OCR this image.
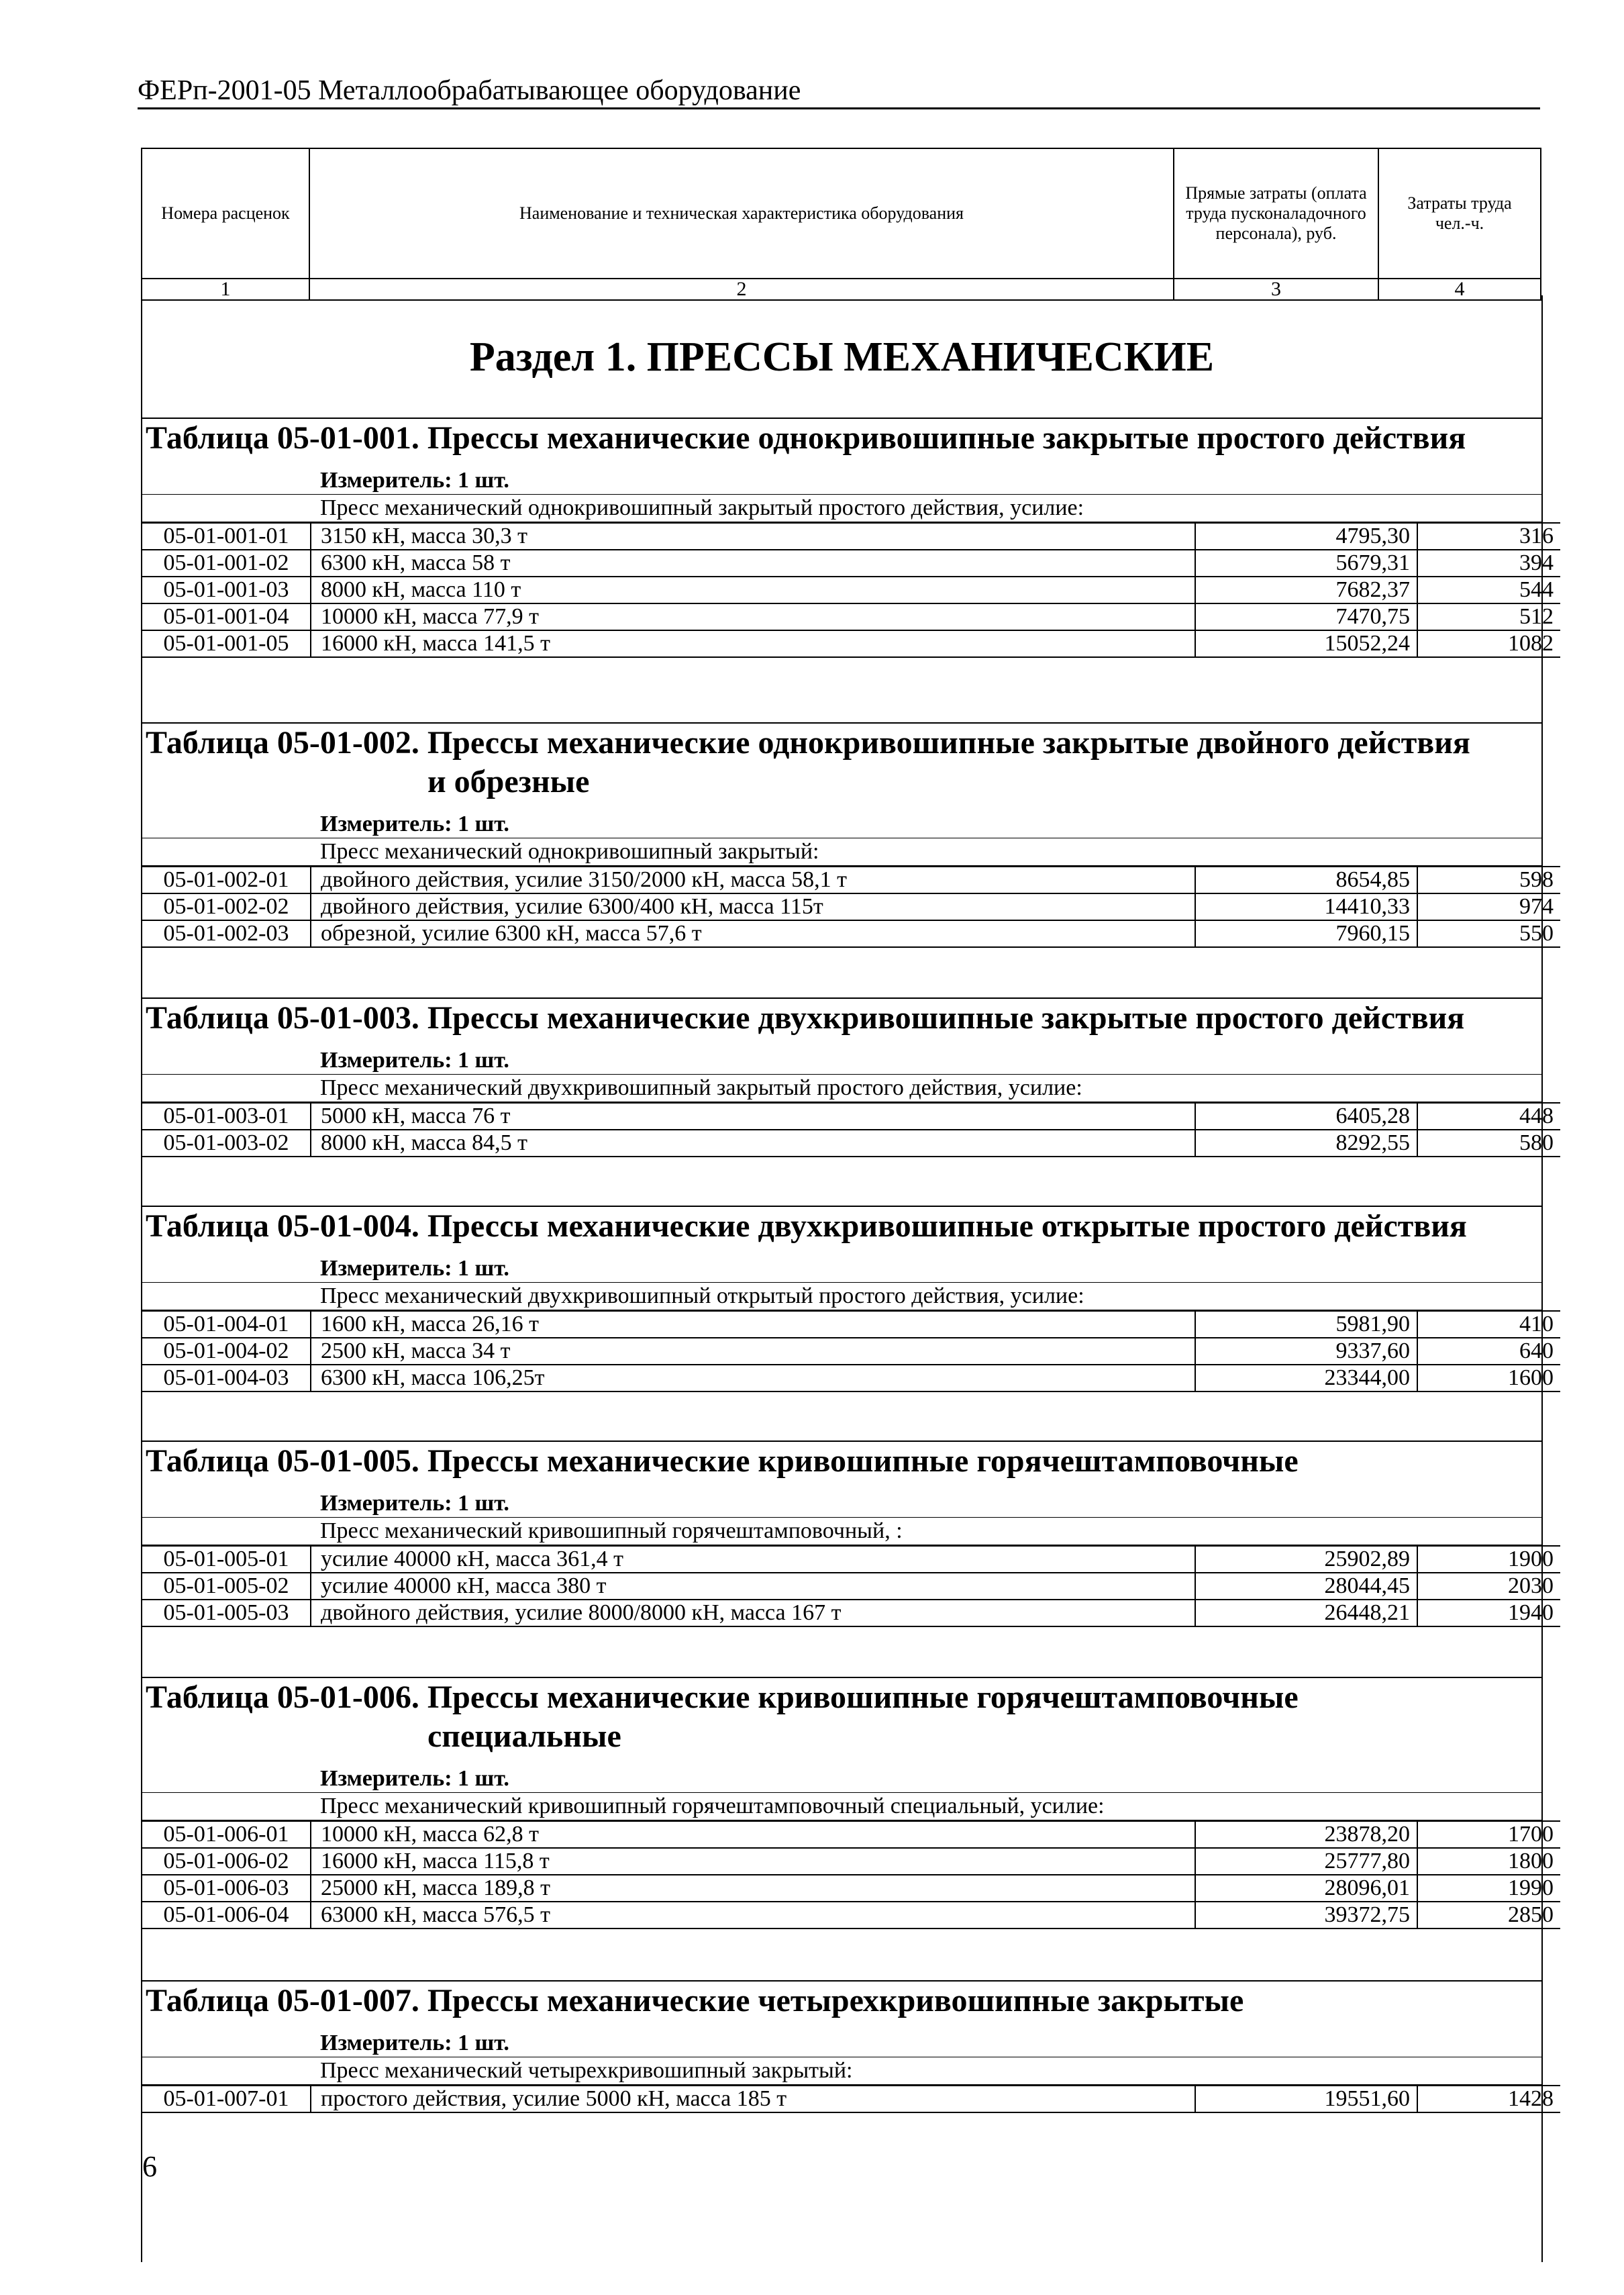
ФЕРп-2001-05 Металлообрабатывающее оборудование
Номера расценок	Наименование и техническая характеристика оборудования	Прямые затраты (оплата труда пусконаладочного персонала), руб.	Затраты труда чел.-ч.
1	2	3	4
Раздел 1. ПРЕССЫ МЕХАНИЧЕСКИЕ
Таблица 05-01-001. Прессы механические однокривошипные закрытые простого действия
Измеритель: 1 шт.
Пресс механический однокривошипный закрытый простого действия, усилие:
05-01-001-01	3150 кН, масса 30,3 т	4795,30	316
05-01-001-02	6300 кН, масса 58 т	5679,31	394
05-01-001-03	8000 кН, масса 110 т	7682,37	544
05-01-001-04	10000 кН, масса 77,9 т	7470,75	512
05-01-001-05	16000 кН, масса 141,5 т	15052,24	1082
Таблица 05-01-002. Прессы механические однокривошипные закрытые двойного действия
и обрезные
Измеритель: 1 шт.
Пресс механический однокривошипный закрытый:
05-01-002-01	двойного действия, усилие 3150/2000 кН, масса 58,1 т	8654,85	598
05-01-002-02	двойного действия, усилие 6300/400 кН, масса 115т	14410,33	974
05-01-002-03	обрезной, усилие 6300 кН, масса 57,6 т	7960,15	550
Таблица 05-01-003. Прессы механические двухкривошипные закрытые простого действия
Измеритель: 1 шт.
Пресс механический двухкривошипный закрытый простого действия, усилие:
05-01-003-01	5000 кН, масса 76 т	6405,28	448
05-01-003-02	8000 кН, масса 84,5 т	8292,55	580
Таблица 05-01-004. Прессы механические двухкривошипные открытые простого действия
Измеритель: 1 шт.
Пресс механический двухкривошипный открытый простого действия, усилие:
05-01-004-01	1600 кН, масса 26,16 т	5981,90	410
05-01-004-02	2500 кН, масса 34 т	9337,60	640
05-01-004-03	6300 кН, масса 106,25т	23344,00	1600
Таблица 05-01-005. Прессы механические кривошипные горячештамповочные
Измеритель: 1 шт.
Пресс механический кривошипный горячештамповочный, :
05-01-005-01	усилие 40000 кН, масса 361,4 т	25902,89	1900
05-01-005-02	усилие 40000 кН, масса 380 т	28044,45	2030
05-01-005-03	двойного действия, усилие 8000/8000 кН, масса 167 т	26448,21	1940
Таблица 05-01-006. Прессы механические кривошипные горячештамповочные
специальные
Измеритель: 1 шт.
Пресс механический кривошипный горячештамповочный специальный, усилие:
05-01-006-01	10000 кН, масса 62,8 т	23878,20	1700
05-01-006-02	16000 кН, масса 115,8 т	25777,80	1800
05-01-006-03	25000 кН, масса 189,8 т	28096,01	1990
05-01-006-04	63000 кН, масса 576,5 т	39372,75	2850
Таблица 05-01-007. Прессы механические четырехкривошипные закрытые
Измеритель: 1 шт.
Пресс механический четырехкривошипный закрытый:
05-01-007-01	простого действия, усилие 5000 кН, масса 185 т	19551,60	1428
6
